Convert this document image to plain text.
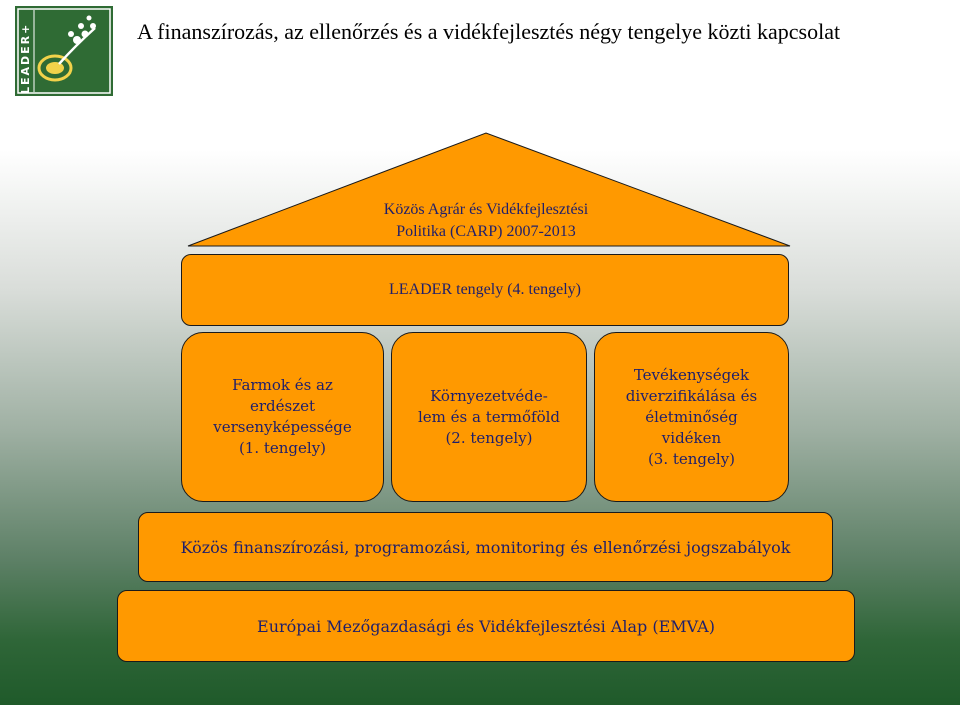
LEADER+	A finanszírozás, az ellenőrzés és a vidékfejlesztés négy tengelye közti kapcsolat
Közös Agrár és Vidékfejlesztési
Politika (CARP) 2007-2013
LEADER tengely (4. tengely)
Farmok és az
erdészet
versenyképessége
(1. tengely)
Környezetvéde-
lem és a termőföld
(2. tengely)
Tevékenységek
diverzifikálása és
életminőség
vidéken
(3. tengely)
Közös finanszírozási, programozási, monitoring és ellenőrzési jogszabályok
Európai Mezőgazdasági és Vidékfejlesztési Alap (EMVA)
